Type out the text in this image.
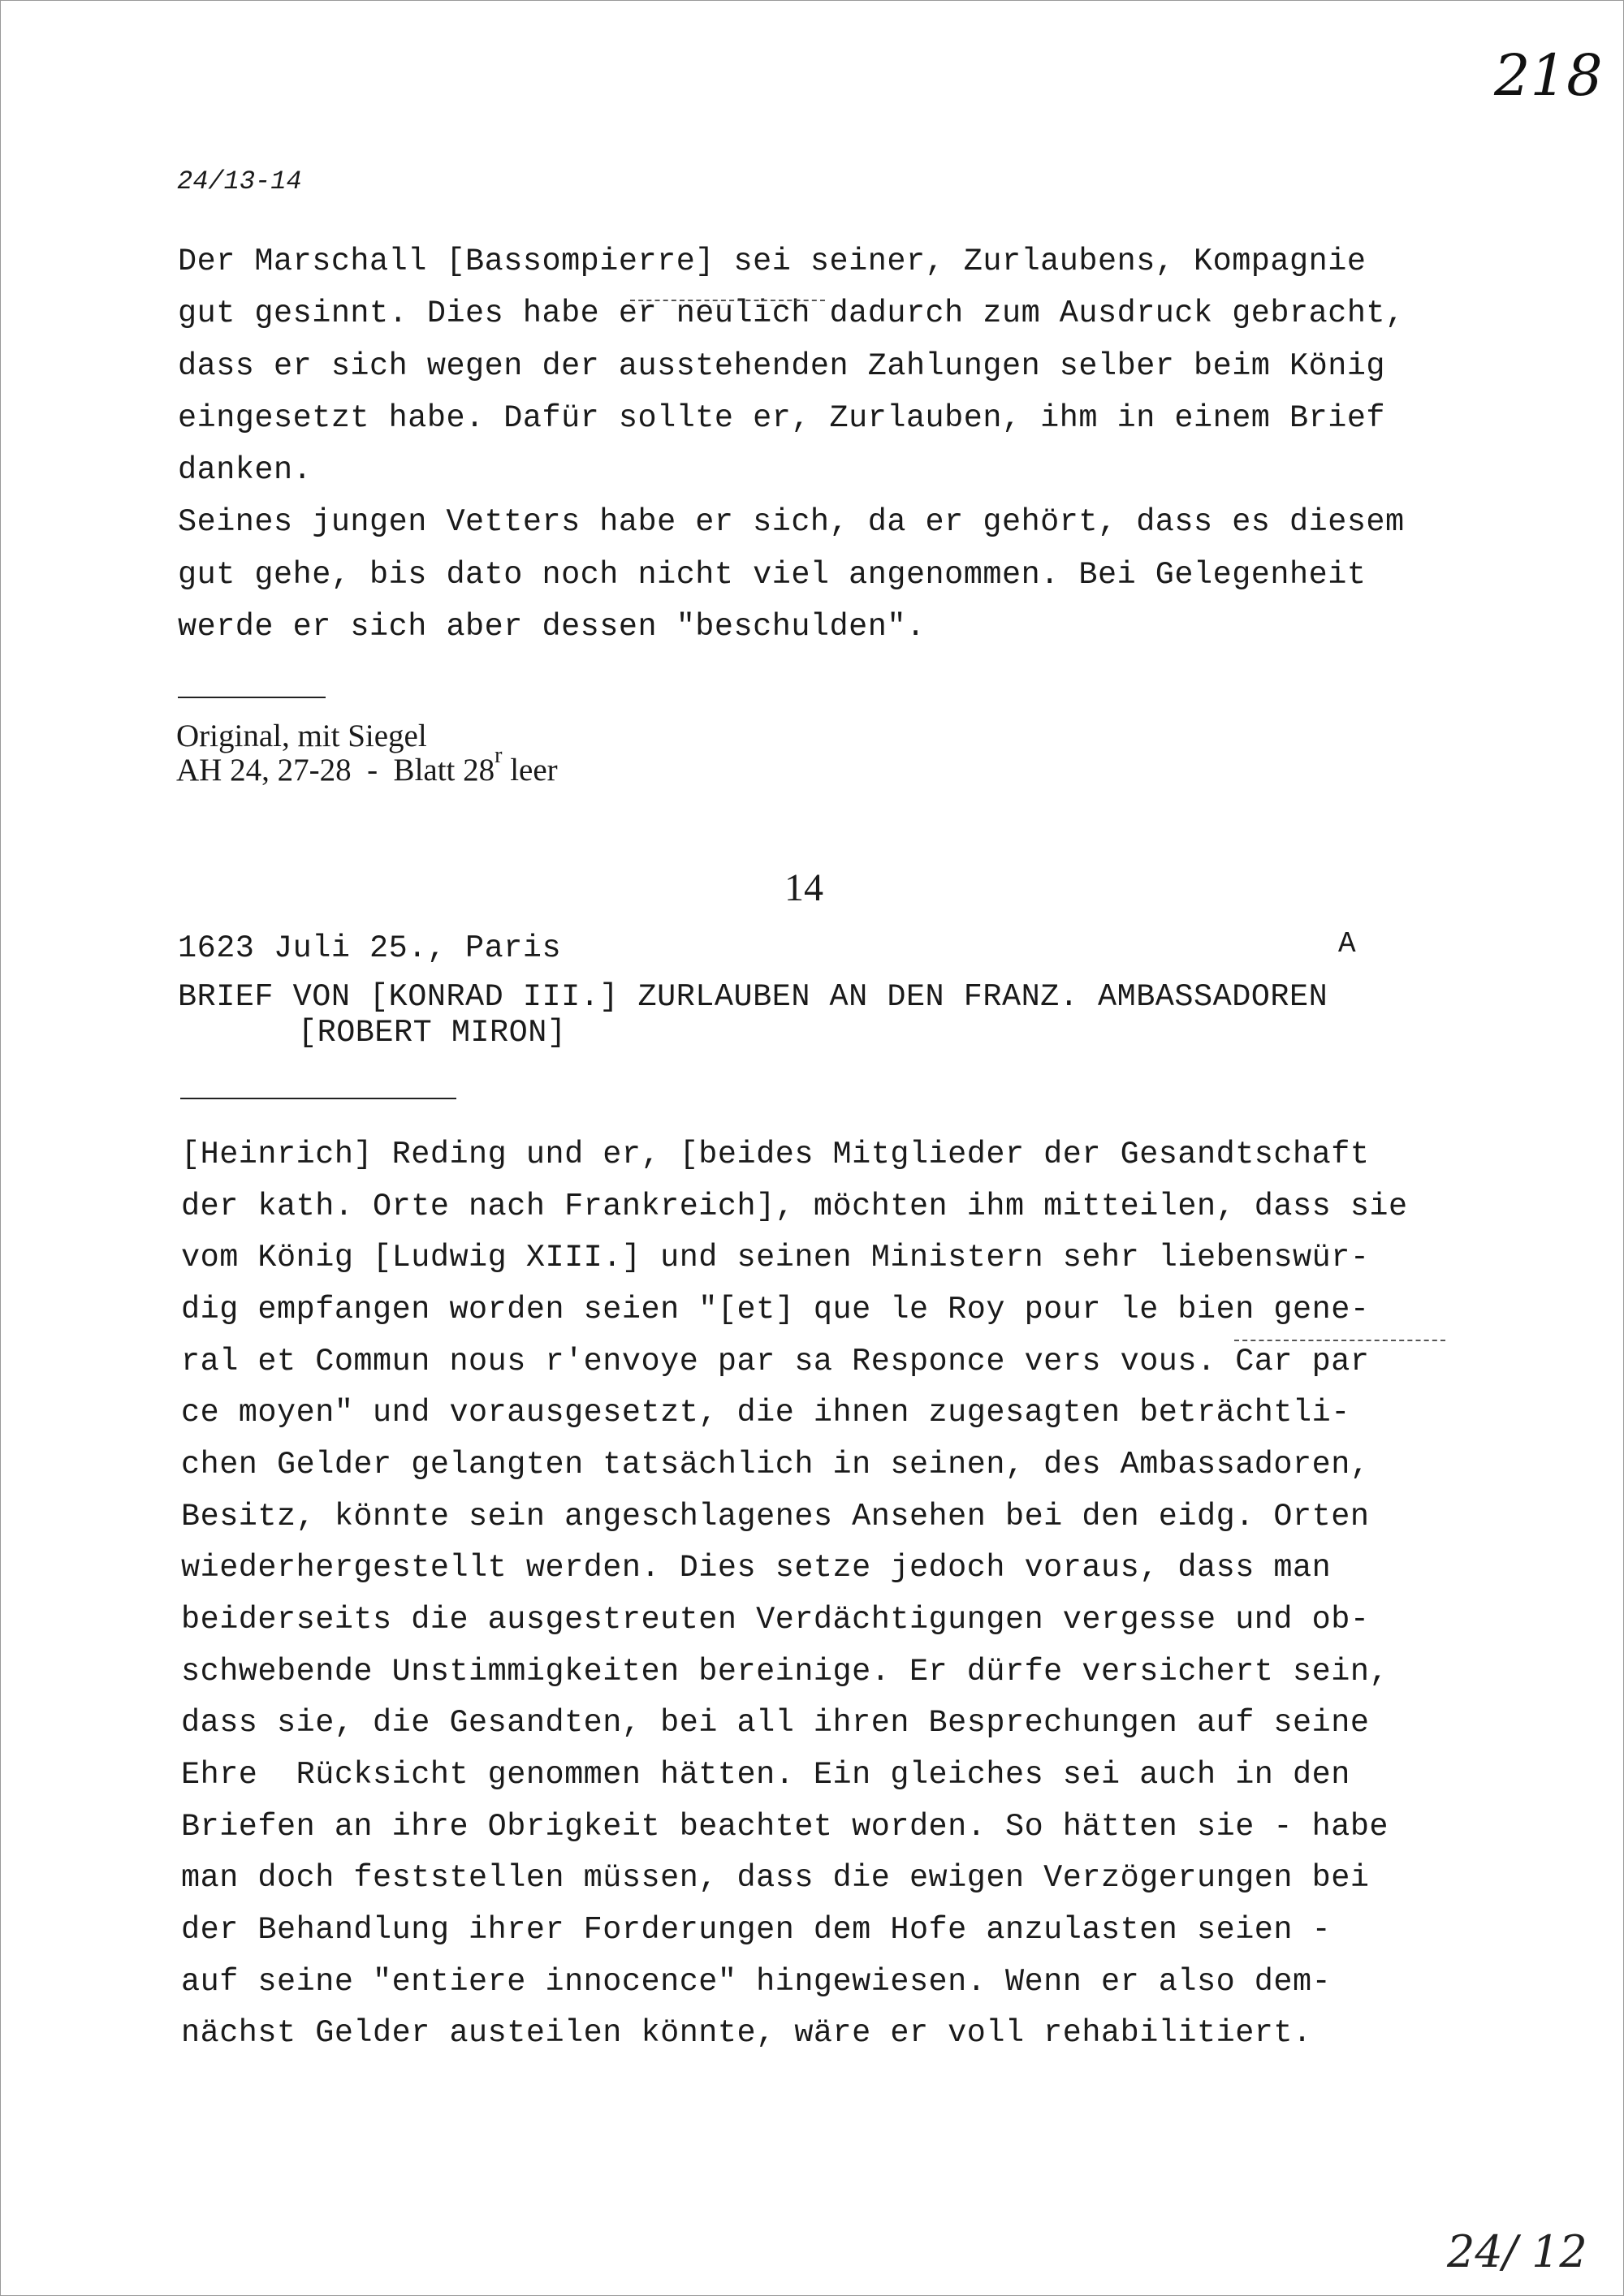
218
24/13-14
Der Marschall [Bassompierre] sei seiner, Zurlaubens, Kompagnie
gut gesinnt. Dies habe er neulich dadurch zum Ausdruck gebracht,
dass er sich wegen der ausstehenden Zahlungen selber beim König
eingesetzt habe. Dafür sollte er, Zurlauben, ihm in einem Brief
danken.
Seines jungen Vetters habe er sich, da er gehört, dass es diesem
gut gehe, bis dato noch nicht viel angenommen. Bei Gelegenheit
werde er sich aber dessen "beschulden".
Original, mit Siegel
AH 24, 27-28  -  Blatt 28$^r$ leer
14
1623 Juli 25., Paris	A
BRIEF VON [KONRAD III.] ZURLAUBEN AN DEN FRANZ. AMBASSADOREN
[ROBERT MIRON]
[Heinrich] Reding und er, [beides Mitglieder der Gesandtschaft
der kath. Orte nach Frankreich], möchten ihm mitteilen, dass sie
vom König [Ludwig XIII.] und seinen Ministern sehr liebenswür-
dig empfangen worden seien "[et] que le Roy pour le bien gene-
ral et Commun nous r'envoye par sa Responce vers vous. Car par
ce moyen" und vorausgesetzt, die ihnen zugesagten beträchtli-
chen Gelder gelangten tatsächlich in seinen, des Ambassadoren,
Besitz, könnte sein angeschlagenes Ansehen bei den eidg. Orten
wiederhergestellt werden. Dies setze jedoch voraus, dass man
beiderseits die ausgestreuten Verdächtigungen vergesse und ob-
schwebende Unstimmigkeiten bereinige. Er dürfe versichert sein,
dass sie, die Gesandten, bei all ihren Besprechungen auf seine
Ehre  Rücksicht genommen hätten. Ein gleiches sei auch in den
Briefen an ihre Obrigkeit beachtet worden. So hätten sie - habe
man doch feststellen müssen, dass die ewigen Verzögerungen bei
der Behandlung ihrer Forderungen dem Hofe anzulasten seien -
auf seine "entiere innocence" hingewiesen. Wenn er also dem-
nächst Gelder austeilen könnte, wäre er voll rehabilitiert.
24/ 12
